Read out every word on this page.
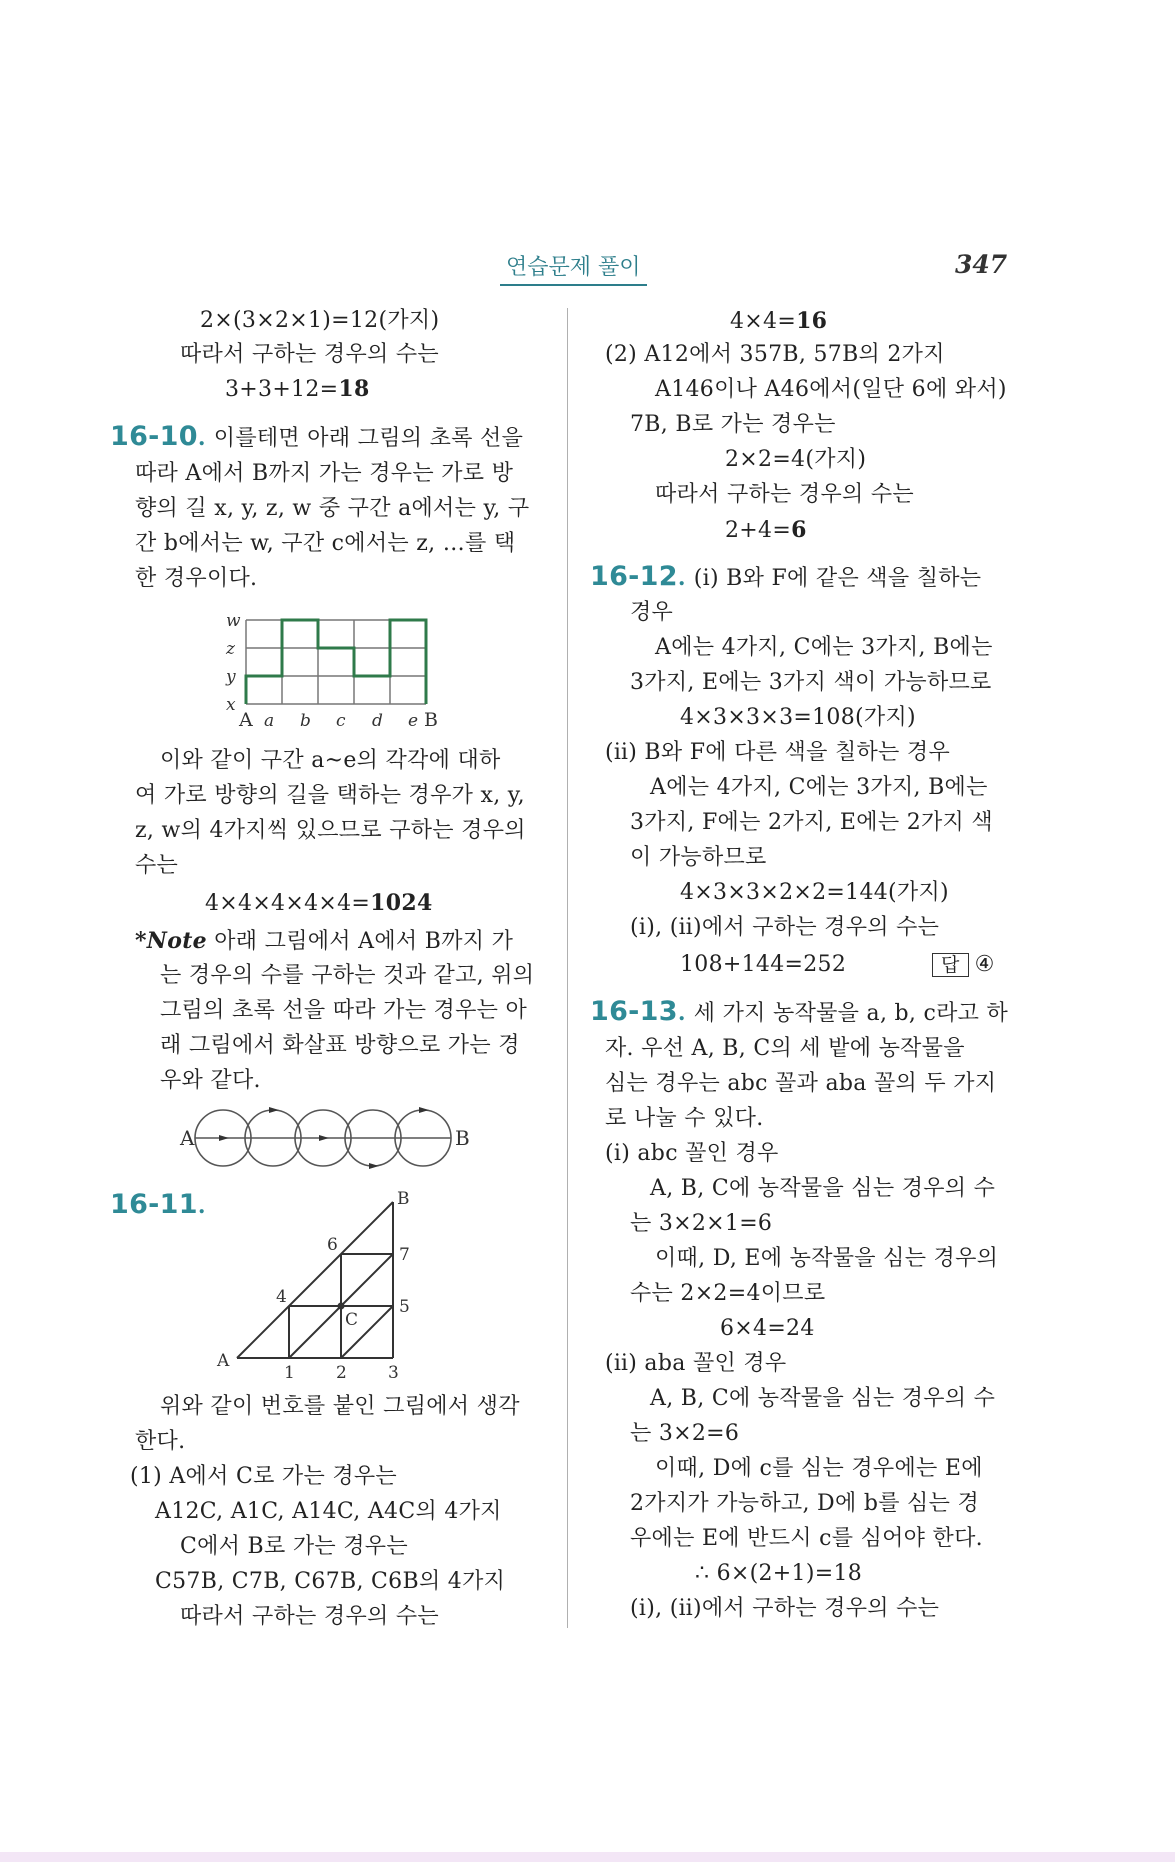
연습문제 풀이	347
2×(3×2×1)=12(가지)
따라서 구하는 경우의 수는
3+3+12=18
16-10. 이를테면 아래 그림의 초록 선을
따라 A에서 B까지 가는 경우는 가로 방
향의 길 x, y, z, w 중 구간 a에서는 y, 구
간 b에서는 w, 구간 c에서는 z, …를 택
한 경우이다.
w
z
y
x
a b c d e
A	B
이와 같이 구간 a~e의 각각에 대하
여 가로 방향의 길을 택하는 경우가 x, y,
z, w의 4가지씩 있으므로 구하는 경우의
수는
4×4×4×4×4=1024
*Note 아래 그림에서 A에서 B까지 가
는 경우의 수를 구하는 것과 같고, 위의
그림의 초록 선을 따라 가는 경우는 아
래 그림에서 화살표 방향으로 가는 경
우와 같다.
A	B
16-11.
A
B
C
1 2 3
4	5
6	7
위와 같이 번호를 붙인 그림에서 생각
한다.
(1) A에서 C로 가는 경우는
A12C, A1C, A14C, A4C의 4가지
C에서 B로 가는 경우는
C57B, C7B, C67B, C6B의 4가지
따라서 구하는 경우의 수는
4×4=16
(2) A12에서 357B, 57B의 2가지
A146이나 A46에서(일단 6에 와서)
7B, B로 가는 경우는
2×2=4(가지)
따라서 구하는 경우의 수는
2+4=6
16-12. (ⅰ) B와 F에 같은 색을 칠하는
경우
A에는 4가지, C에는 3가지, B에는
3가지, E에는 3가지 색이 가능하므로
4×3×3×3=108(가지)
(ⅱ) B와 F에 다른 색을 칠하는 경우
A에는 4가지, C에는 3가지, B에는
3가지, F에는 2가지, E에는 2가지 색
이 가능하므로
4×3×3×2×2=144(가지)
(ⅰ), (ⅱ)에서 구하는 경우의 수는
108+144=252	답 ④
16-13. 세 가지 농작물을 a, b, c라고 하
자. 우선 A, B, C의 세 밭에 농작물을
심는 경우는 abc 꼴과 aba 꼴의 두 가지
로 나눌 수 있다.
(ⅰ) abc 꼴인 경우
A, B, C에 농작물을 심는 경우의 수
는 3×2×1=6
이때, D, E에 농작물을 심는 경우의
수는 2×2=4이므로
6×4=24
(ⅱ) aba 꼴인 경우
A, B, C에 농작물을 심는 경우의 수
는 3×2=6
이때, D에 c를 심는 경우에는 E에
2가지가 가능하고, D에 b를 심는 경
우에는 E에 반드시 c를 심어야 한다.
∴ 6×(2+1)=18
(ⅰ), (ⅱ)에서 구하는 경우의 수는
